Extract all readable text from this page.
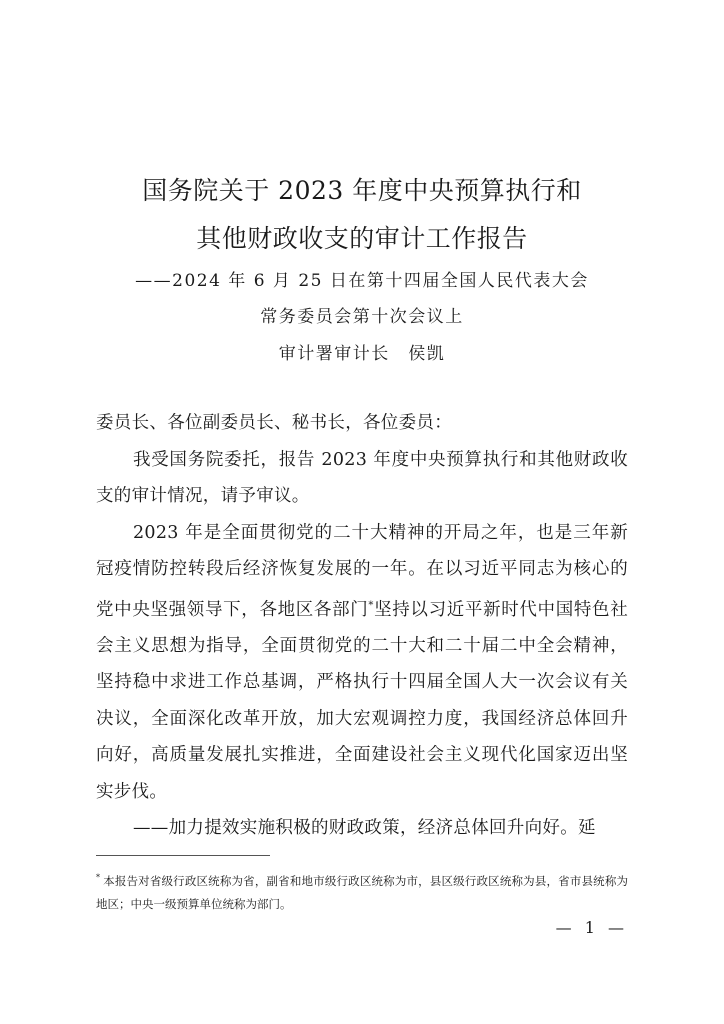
国务院关于 2023 年度中央预算执行和
其他财政收支的审计工作报告

——2024 年 6 月 25 日在第十四届全国人民代表大会

常务委员会第十次会议上

审计署审计长　侯凯

委员长、各位副委员长、秘书长，各位委员：

我受国务院委托，报告 2023 年度中央预算执行和其他财政收支的审计情况，请予审议。

2023 年是全面贯彻党的二十大精神的开局之年，也是三年新冠疫情防控转段后经济恢复发展的一年。在以习近平同志为核心的党中央坚强领导下，各地区各部门*坚持以习近平新时代中国特色社会主义思想为指导，全面贯彻党的二十大和二十届二中全会精神，坚持稳中求进工作总基调，严格执行十四届全国人大一次会议有关决议，全面深化改革开放，加大宏观调控力度，我国经济总体回升向好，高质量发展扎实推进，全面建设社会主义现代化国家迈出坚实步伐。

——加力提效实施积极的财政政策，经济总体回升向好。延

* 本报告对省级行政区统称为省，副省和地市级行政区统称为市，县区级行政区统称为县，省市县统称为地区；中央一级预算单位统称为部门。

— 1 —
